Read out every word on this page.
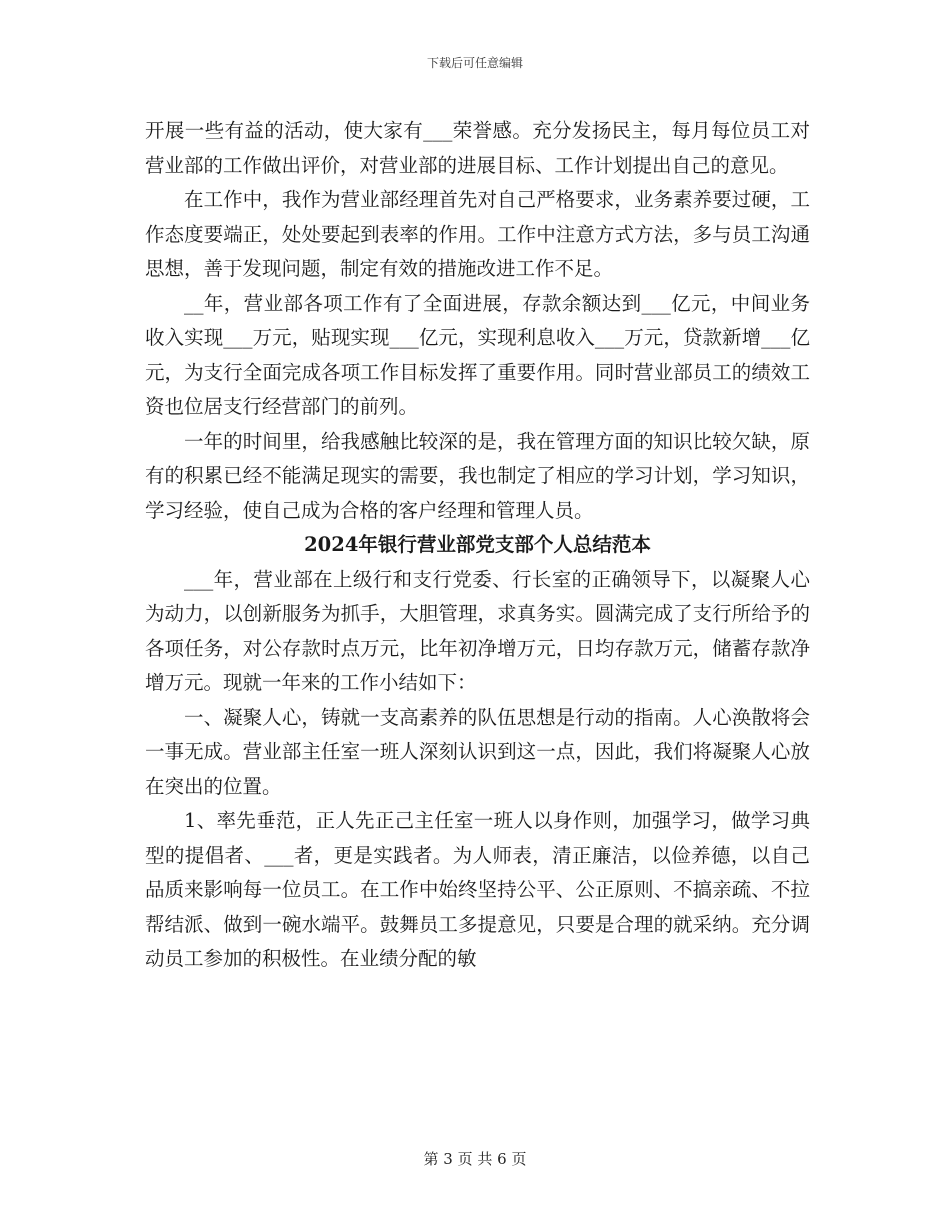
下载后可任意编辑

开展一些有益的活动，使大家有___荣誉感。充分发扬民主，每月每位员工对营业部的工作做出评价，对营业部的进展目标、工作计划提出自己的意见。

在工作中，我作为营业部经理首先对自己严格要求，业务素养要过硬，工作态度要端正，处处要起到表率的作用。工作中注意方式方法，多与员工沟通思想，善于发现问题，制定有效的措施改进工作不足。

__年，营业部各项工作有了全面进展，存款余额达到___亿元，中间业务收入实现___万元，贴现实现___亿元，实现利息收入___万元，贷款新增___亿元，为支行全面完成各项工作目标发挥了重要作用。同时营业部员工的绩效工资也位居支行经营部门的前列。

一年的时间里，给我感触比较深的是，我在管理方面的知识比较欠缺，原有的积累已经不能满足现实的需要，我也制定了相应的学习计划，学习知识，学习经验，使自己成为合格的客户经理和管理人员。

2024年银行营业部党支部个人总结范本

___年，营业部在上级行和支行党委、行长室的正确领导下，以凝聚人心为动力，以创新服务为抓手，大胆管理，求真务实。圆满完成了支行所给予的各项任务，对公存款时点万元，比年初净增万元，日均存款万元，储蓄存款净增万元。现就一年来的工作小结如下：

一、凝聚人心，铸就一支高素养的队伍思想是行动的指南。人心涣散将会一事无成。营业部主任室一班人深刻认识到这一点，因此，我们将凝聚人心放在突出的位置。

1、率先垂范，正人先正己主任室一班人以身作则，加强学习，做学习典型的提倡者、___者，更是实践者。为人师表，清正廉洁，以俭养德，以自己品质来影响每一位员工。在工作中始终坚持公平、公正原则、不搞亲疏、不拉帮结派、做到一碗水端平。鼓舞员工多提意见，只要是合理的就采纳。充分调动员工参加的积极性。在业绩分配的敏

第 3 页 共 6 页
